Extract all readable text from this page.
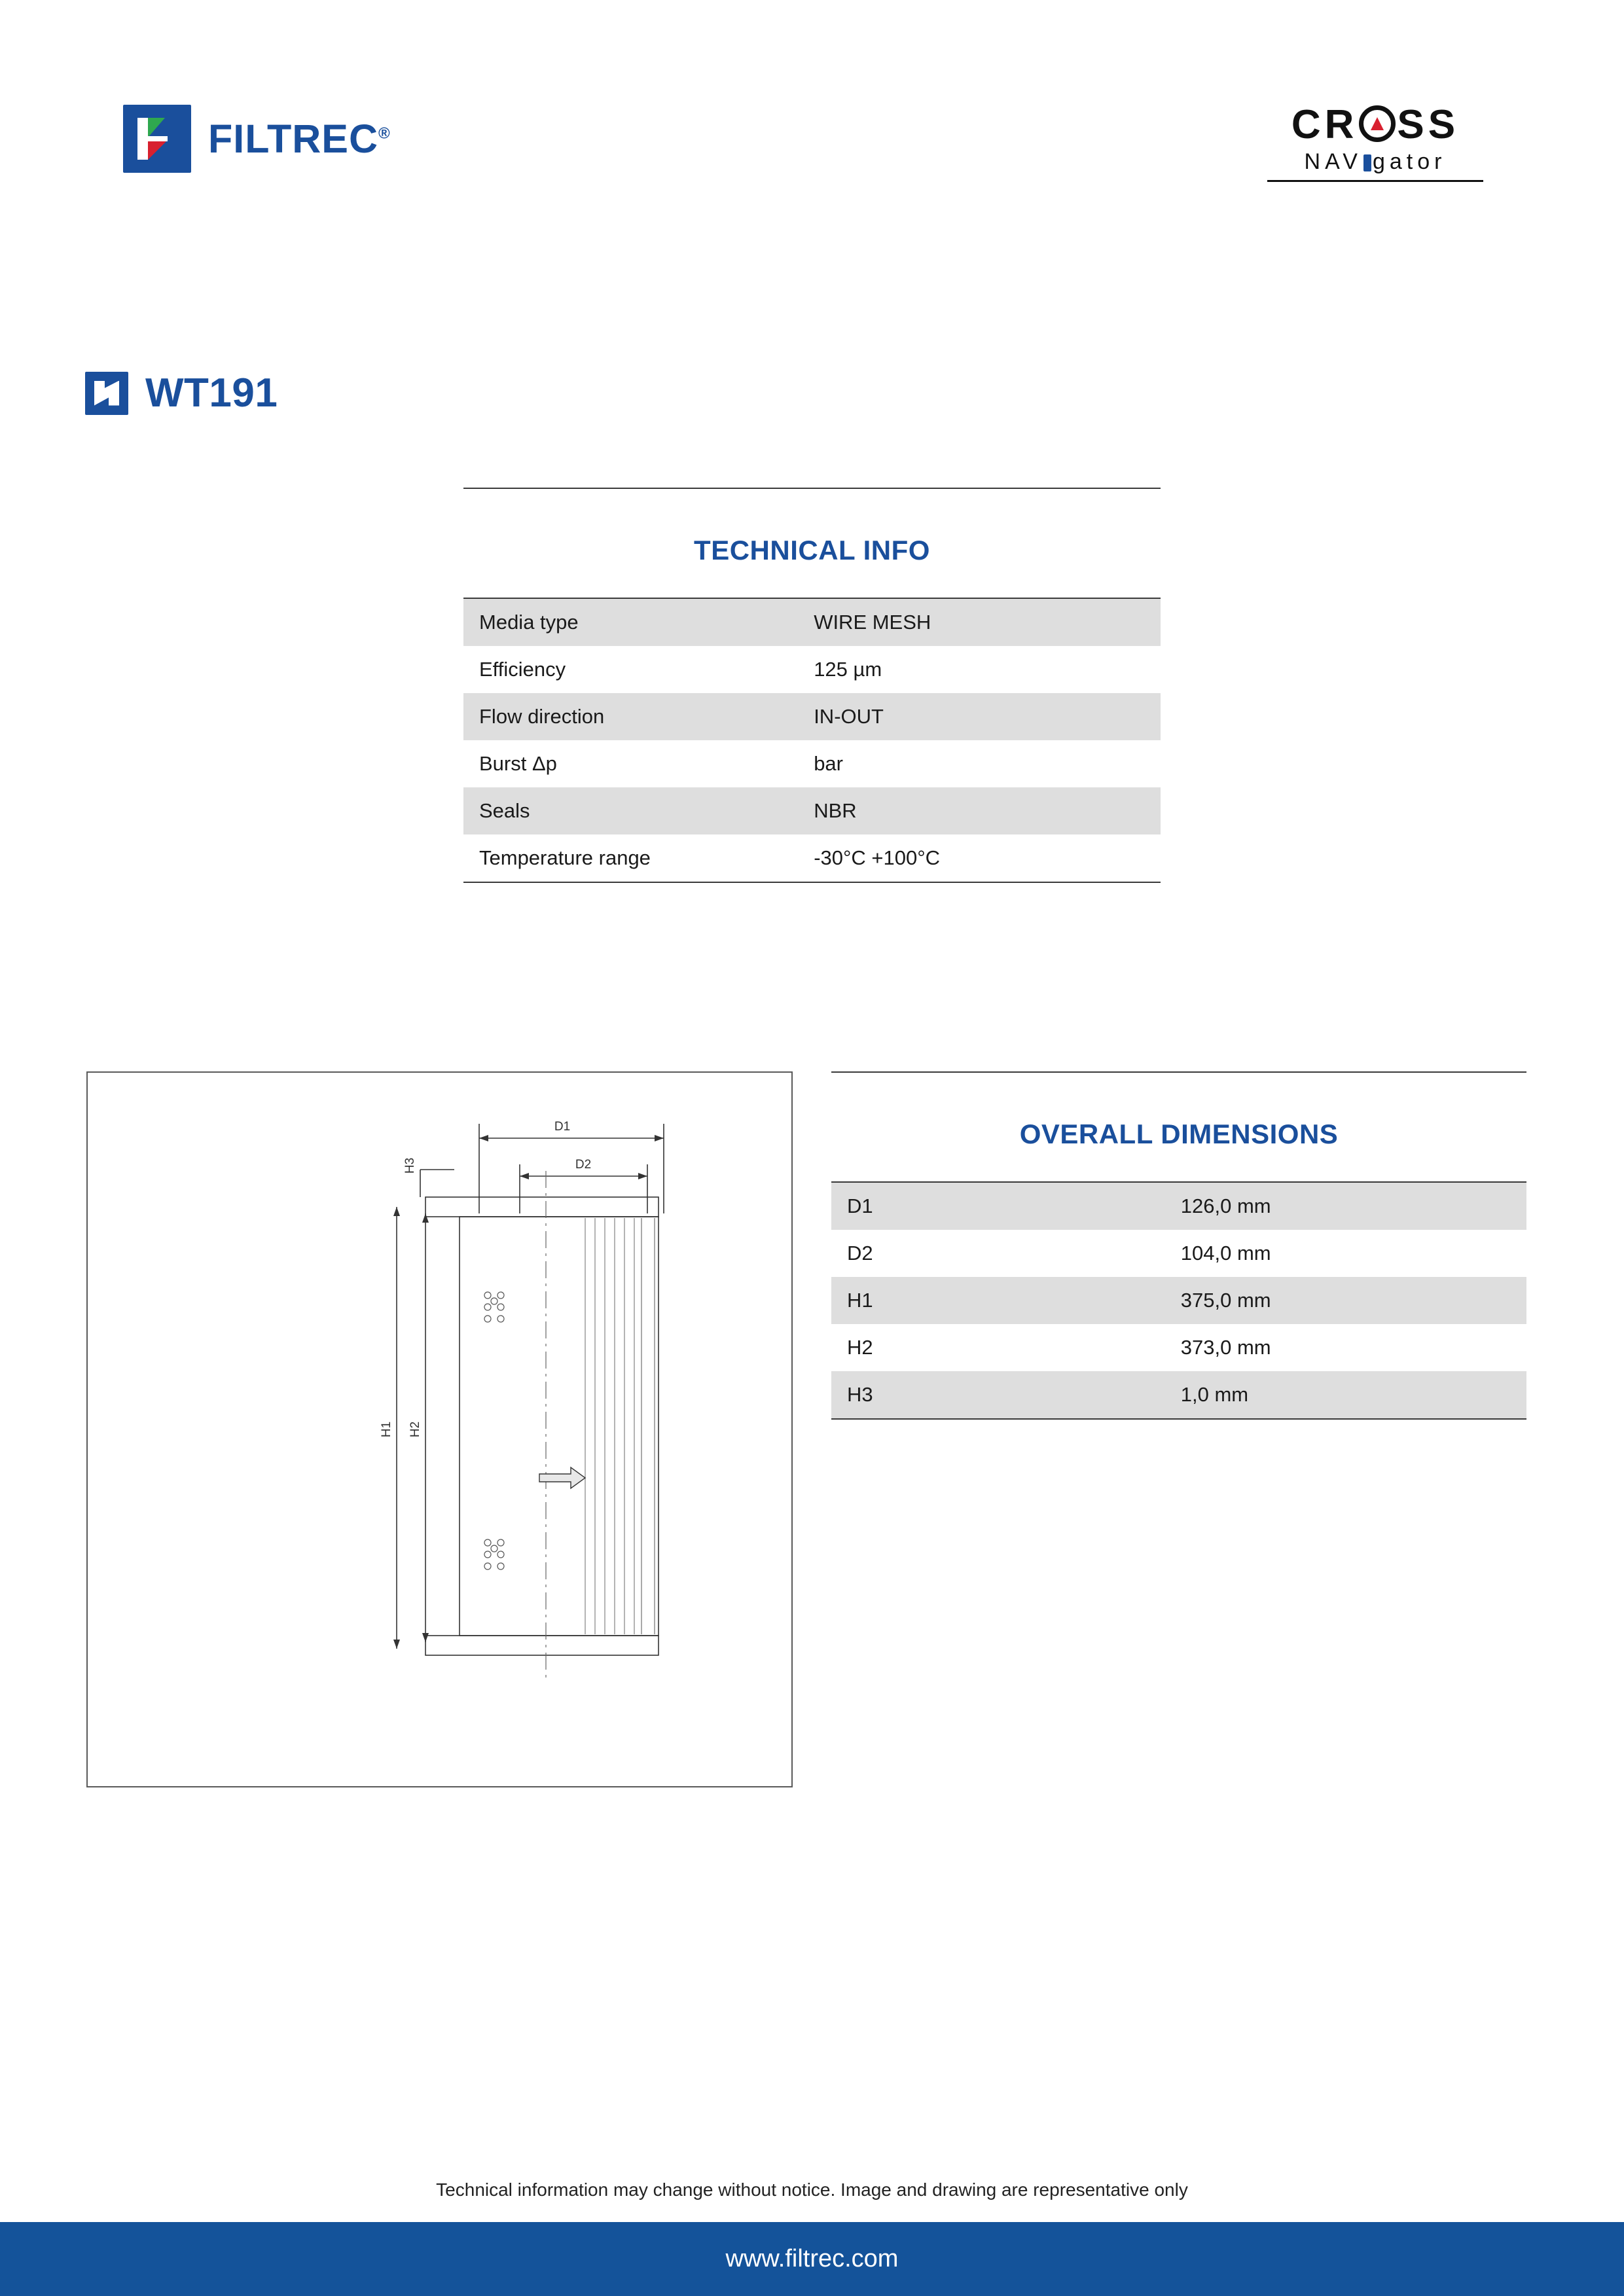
FILTREC®	CR SS
NAV gator
WT191
TECHNICAL INFO
Media type	WIRE MESH
Efficiency	125 µm
Flow direction	IN-OUT
Burst Δp	bar
Seals	NBR
Temperature range	-30°C +100°C
D1
D2
H3
H1 H2
OVERALL DIMENSIONS
D1	126,0 mm
D2	104,0 mm
H1	375,0 mm
H2	373,0 mm
H3	1,0 mm
Technical information may change without notice. Image and drawing are representative only
www.filtrec.com
